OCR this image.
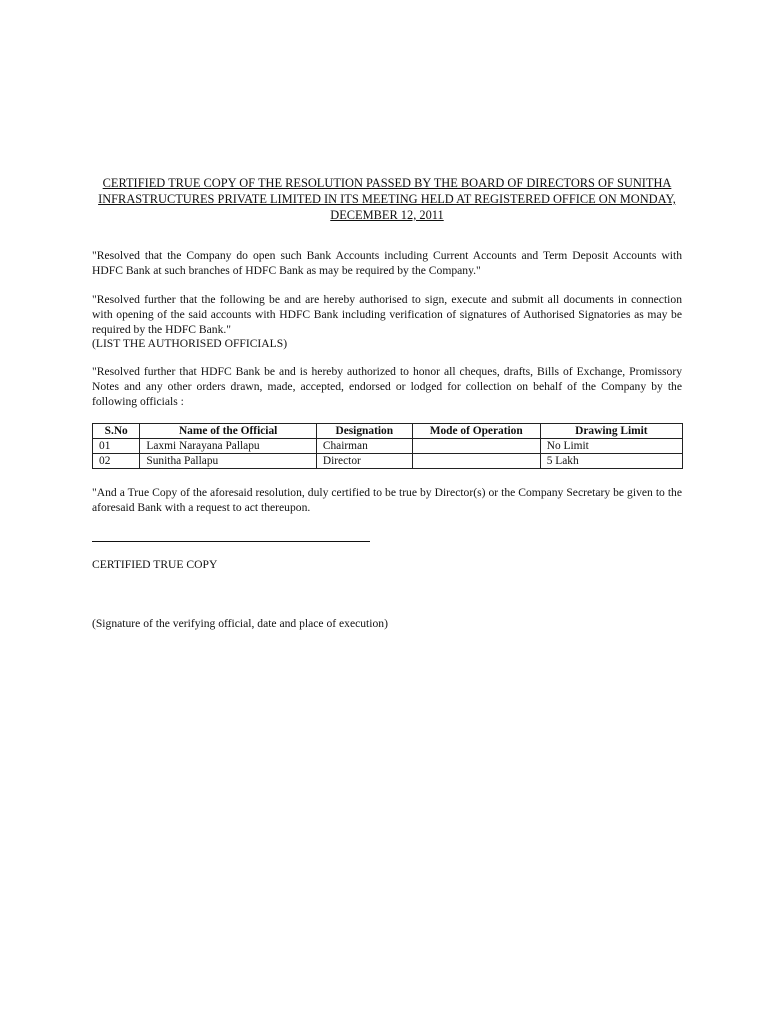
CERTIFIED TRUE COPY OF THE RESOLUTION PASSED BY THE BOARD OF DIRECTORS OF SUNITHA INFRASTRUCTURES PRIVATE LIMITED IN ITS MEETING HELD AT REGISTERED OFFICE ON MONDAY, DECEMBER 12, 2011
"Resolved that the Company do open such Bank Accounts including Current Accounts and Term Deposit Accounts with HDFC Bank at such branches of HDFC Bank as may be required by the Company."
"Resolved further that the following be and are hereby authorised to sign, execute and submit all documents in connection with opening of the said accounts with HDFC Bank including verification of signatures of Authorised Signatories as may be required by the HDFC Bank."
(LIST THE AUTHORISED OFFICIALS)
"Resolved further that HDFC Bank be and is hereby authorized to honor all cheques, drafts, Bills of Exchange, Promissory Notes and any other orders drawn, made, accepted, endorsed or lodged for collection on behalf of the Company by the following officials :
S.No	Name of the Official	Designation	Mode of Operation	Drawing Limit
01	Laxmi Narayana Pallapu	Chairman		No Limit
02	Sunitha Pallapu	Director		5 Lakh
"And a True Copy of the aforesaid resolution, duly certified to be true by Director(s) or the Company Secretary be given to the aforesaid Bank with a request to act thereupon.
CERTIFIED TRUE COPY
(Signature of the verifying official, date and place of execution)
